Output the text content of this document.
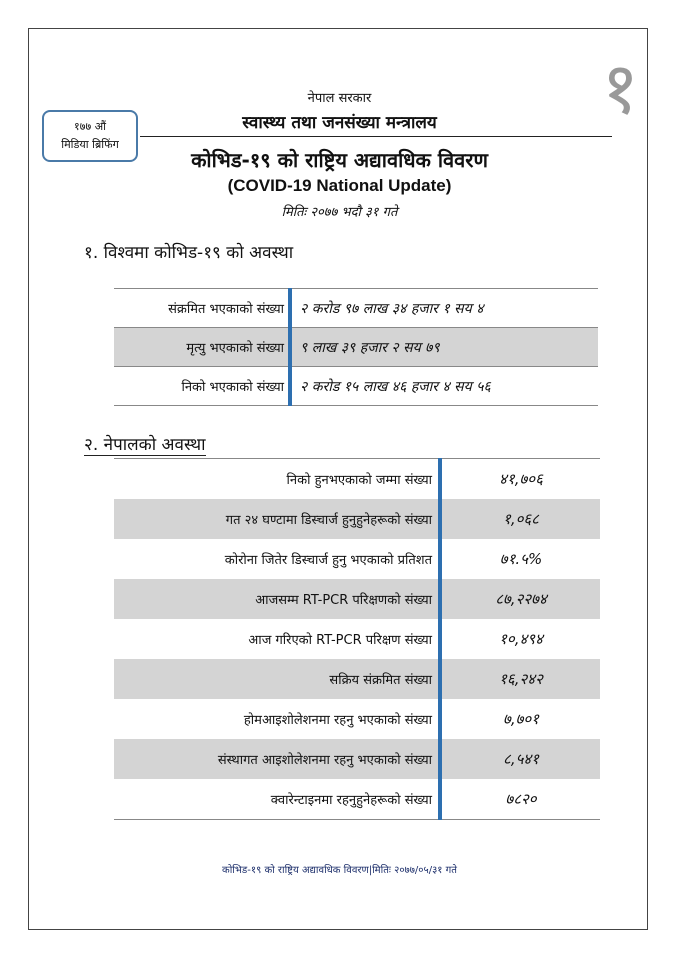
१
१७७ औं
मिडिया ब्रिफिंग
नेपाल सरकार
स्वास्थ्य तथा जनसंख्या मन्त्रालय
कोभिड-१९ को राष्ट्रिय अद्यावधिक विवरण
(COVID-19 National Update)
मितिः २०७७ भदौ ३१ गते
१. विश्वमा कोभिड-१९ को अवस्था
संक्रमित भएकाको संख्या	२ करोड ९७ लाख ३४ हजार १ सय ४
मृत्यु भएकाको संख्या	९ लाख ३९ हजार २ सय ७९
निको भएकाको संख्या	२ करोड १५ लाख ४६ हजार ४ सय ५६
२. नेपालको अवस्था
निको हुनभएकाको जम्मा संख्या	४१,७०६
गत २४ घण्टामा डिस्चार्ज हुनुहुनेहरूको संख्या	१,०६८
कोरोना जितेर डिस्चार्ज हुनु भएकाको प्रतिशत	७१.५%
आजसम्म RT-PCR परिक्षणको संख्या	८७,२२७४
आज गरिएको RT-PCR परिक्षण संख्या	१०,४९४
सक्रिय संक्रमित संख्या	१६,२४२
होमआइशोलेशनमा रहनु भएकाको संख्या	७,७०१
संस्थागत आइशोलेशनमा रहनु भएकाको संख्या	८,५४१
क्वारेन्टाइनमा रहनुहुनेहरूको संख्या	७८२०
कोभिड-१९ को राष्ट्रिय अद्यावधिक विवरण|मितिः २०७७/०५/३१ गते
